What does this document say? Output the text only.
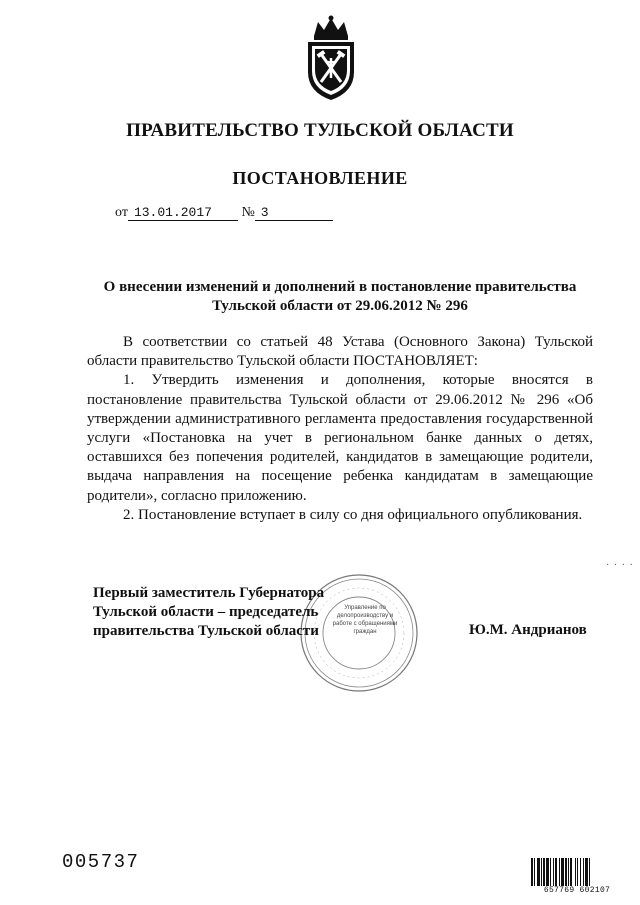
ПРАВИТЕЛЬСТВО ТУЛЬСКОЙ ОБЛАСТИ
ПОСТАНОВЛЕНИЕ
от 13.01.2017 № 3
О внесении изменений и дополнений в постановление правительства
Тульской области от 29.06.2012 № 296

В соответствии со статьей 48 Устава (Основного Закона) Тульской области правительство Тульской области ПОСТАНОВЛЯЕТ:

1. Утвердить изменения и дополнения, которые вносятся в постановление правительства Тульской области от 29.06.2012 № 296 «Об утверждении административного регламента предоставления государственной услуги «Постановка на учет в региональном банке данных о детях, оставшихся без попечения родителей, кандидатов в замещающие родители, выдача направления на посещение ребенка кандидатам в замещающие родители», согласно приложению.

2. Постановление вступает в силу со дня официального опубликования.

Управление по делопроизводству и работе с обращениями граждан
Первый заместитель Губернатора
Тульской области – председатель
правительства Тульской области	Ю.М. Андрианов
· · · ·
005737
657769 602107
